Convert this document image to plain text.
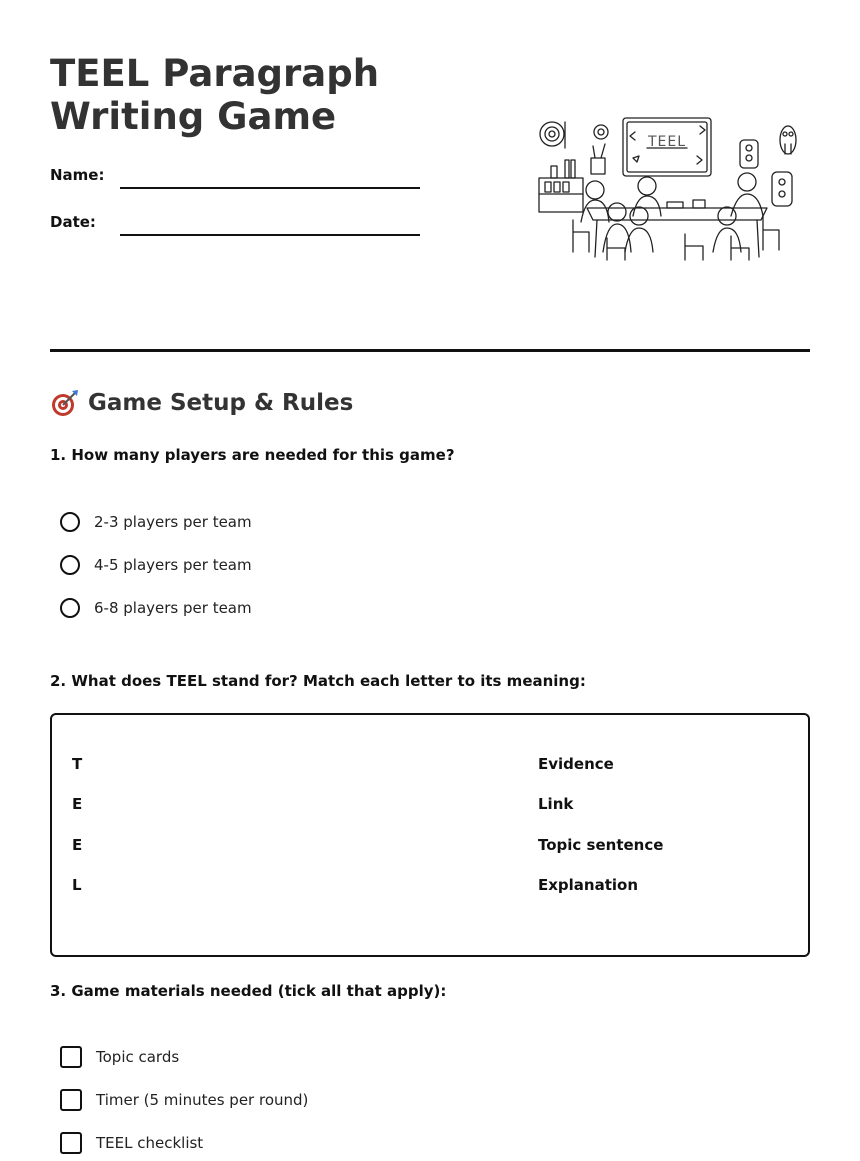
TEEL Paragraph Writing Game
Name:
Date:
TEEL
Game Setup & Rules

1. How many players are needed for this game?

2-3 players per team
4-5 players per team
6-8 players per team

2. What does TEEL stand for? Match each letter to its meaning:

T
E
E
L
Evidence
Link
Topic sentence
Explanation

3. Game materials needed (tick all that apply):

Topic cards
Timer (5 minutes per round)
TEEL checklist
